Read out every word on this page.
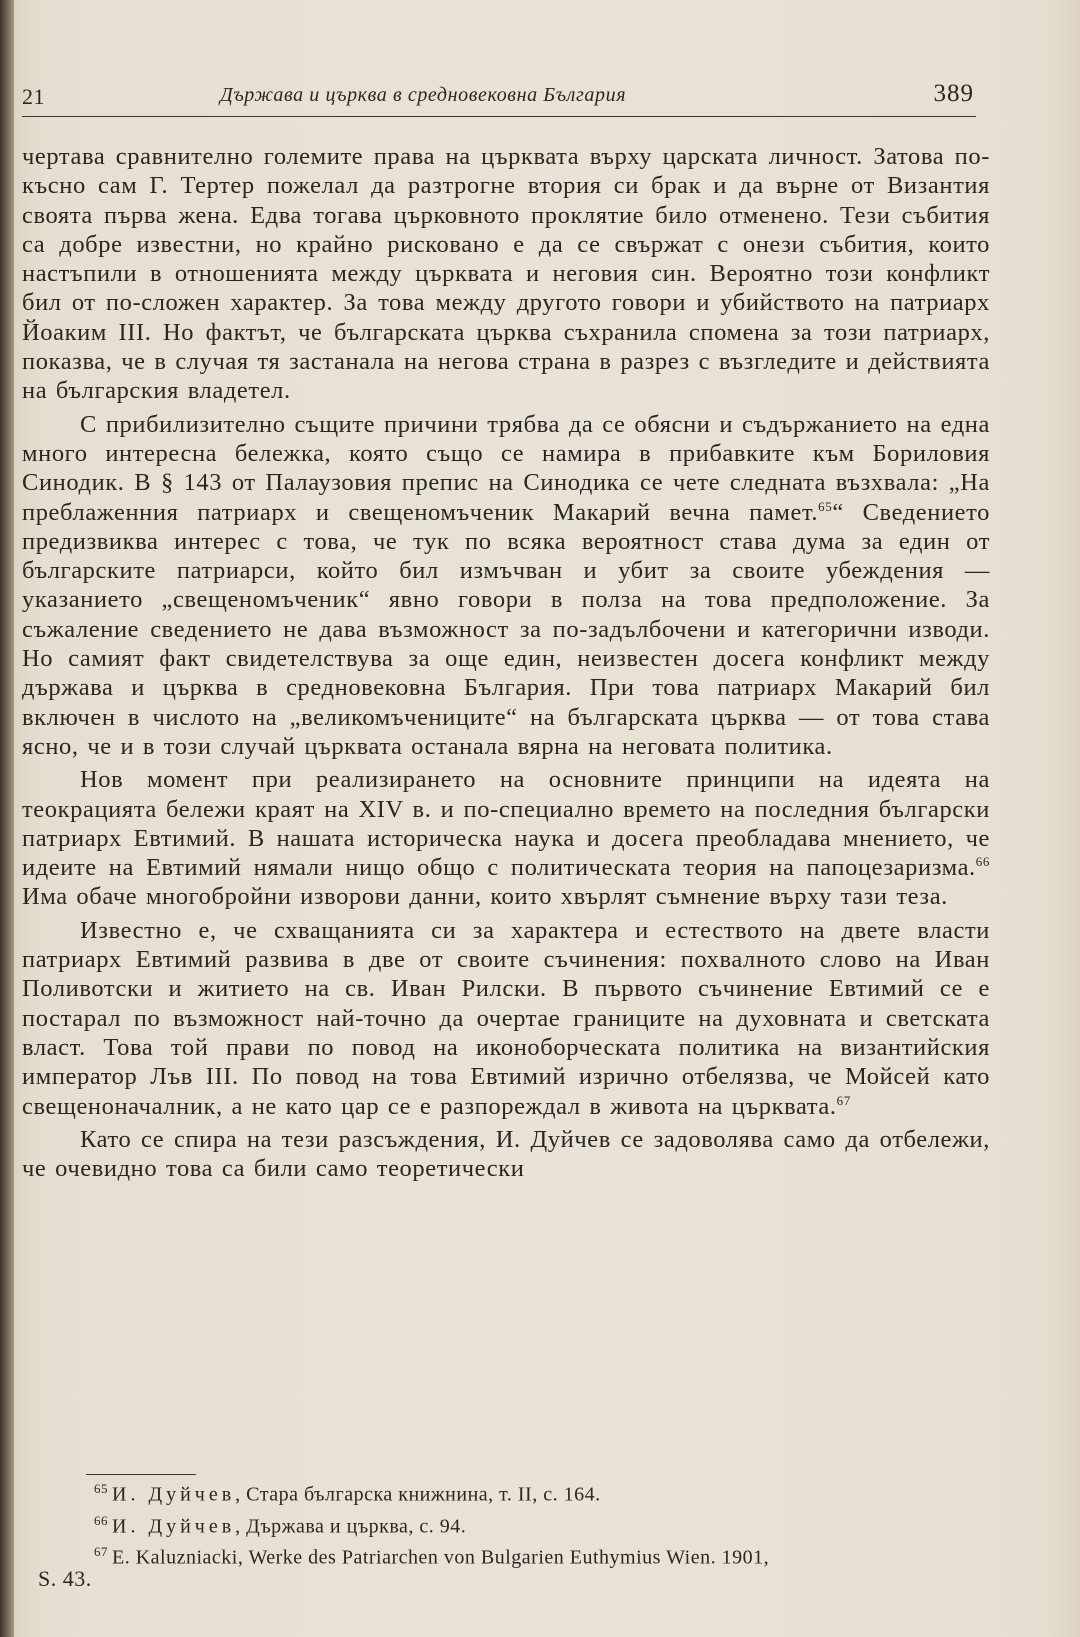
21	Държава и църква в средновековна България	389

чертава сравнително големите права на църквата върху царската личност. Затова по-късно сам Г. Тертер пожелал да разтрогне втория си брак и да върне от Византия своята първа жена. Едва тогава църковното проклятие било отменено. Тези събития са добре известни, но крайно рисковано е да се свържат с онези събития, които настъпили в отношенията между църквата и неговия син. Вероятно този конфликт бил от по-сложен характер. За това между другото говори и убийството на патриарх Йоаким III. Но фактът, че българската църква съхранила спомена за този патриарх, показва, че в случая тя застанала на негова страна в разрез с възгледите и действията на българския владетел.

С прибилизително същите причини трябва да се обясни и съдържанието на една много интересна бележка, която също се намира в прибавките към Бориловия Синодик. В § 143 от Палаузовия препис на Синодика се чете следната възхвала: „На преблаженния патриарх и свещеномъченик Макарий вечна памет.$^{65}$“ Сведението предизвиква интерес с това, че тук по всяка вероятност става дума за един от българските патриарси, който бил измъчван и убит за своите убеждения — указанието „свещеномъченик“ явно говори в полза на това предположение. За съжаление сведението не дава възможност за по-задълбочени и категорични изводи. Но самият факт свидетелствува за още един, неизвестен досега конфликт между държава и църква в средновековна България. При това патриарх Макарий бил включен в числото на „великомъчениците“ на българската църква — от това става ясно, че и в този случай църквата останала вярна на неговата политика.

Нов момент при реализирането на основните принципи на идеята на теокрацията бележи краят на XIV в. и по-специално времето на последния български патриарх Евтимий. В нашата историческа наука и досега преобладава мнението, че идеите на Евтимий нямали нищо общо с политическата теория на папоцезаризма.$^{66}$ Има обаче многобройни изворови данни, които хвърлят съмнение върху тази теза.

Известно е, че схващанията си за характера и естеството на двете власти патриарх Евтимий развива в две от своите съчинения: похвалното слово на Иван Поливотски и житието на св. Иван Рилски. В първото съчинение Евтимий се е постарал по възможност най-точно да очертае границите на духовната и светската власт. Това той прави по повод на иконоборческата политика на византийския император Лъв III. По повод на това Евтимий изрично отбелязва, че Мойсей като свещеноначалник, а не като цар се е разпореждал в живота на църквата.$^{67}$

Като се спира на тези разсъждения, И. Дуйчев се задоволява само да отбележи, че очевидно това са били само теоретически

$^{65}$ И. Дуйчев, Стара българска книжнина, т. II, с. 164.
$^{66}$ И. Дуйчев, Държава и църква, с. 94.
$^{67}$ E. Kaluzniacki, Werke des Patriarchen von Bulgarien Euthymius Wien. 1901,
S. 43.
